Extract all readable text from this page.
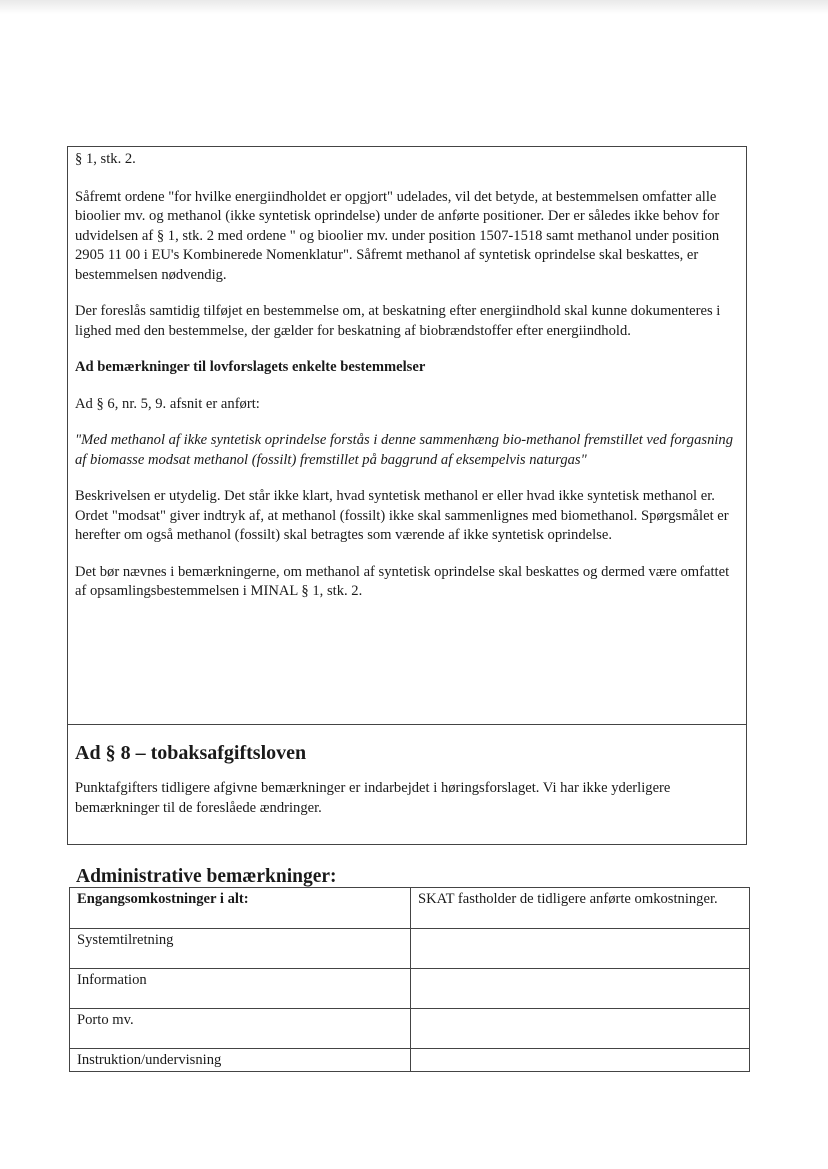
§ 1, stk. 2.

Såfremt ordene "for hvilke energiindholdet er opgjort" udelades, vil det betyde, at bestemmelsen omfatter alle bioolier mv. og methanol (ikke syntetisk oprindelse) under de anførte positioner. Der er således ikke behov for udvidelsen af § 1, stk. 2 med ordene " og bioolier mv. under position 1507-1518 samt methanol under position 2905 11 00 i EU's Kombinerede Nomenklatur". Såfremt methanol af syntetisk oprindelse skal beskattes, er bestemmelsen nødvendig.

Der foreslås samtidig tilføjet en bestemmelse om, at beskatning efter energiindhold skal kunne dokumenteres i lighed med den bestemmelse, der gælder for beskatning af biobrændstoffer efter energiindhold.

Ad bemærkninger til lovforslagets enkelte bestemmelser

Ad § 6, nr. 5, 9. afsnit er anført:

"Med methanol af ikke syntetisk oprindelse forstås i denne sammenhæng bio-methanol fremstillet ved forgasning af biomasse modsat methanol (fossilt) fremstillet på baggrund af eksempelvis naturgas"

Beskrivelsen er utydelig. Det står ikke klart, hvad syntetisk methanol er eller hvad ikke syntetisk methanol er. Ordet "modsat" giver indtryk af, at methanol (fossilt) ikke skal sammenlignes med biomethanol. Spørgsmålet er herefter om også methanol (fossilt) skal betragtes som værende af ikke syntetisk oprindelse.

Det bør nævnes i bemærkningerne, om methanol af syntetisk oprindelse skal beskattes og dermed være omfattet af opsamlingsbestemmelsen i MINAL § 1, stk. 2.

Ad § 8 – tobaksafgiftsloven

Punktafgifters tidligere afgivne bemærkninger er indarbejdet i høringsforslaget. Vi har ikke yderligere bemærkninger til de foreslåede ændringer.

Administrative bemærkninger:
Engangsomkostninger i alt:	SKAT fastholder de tidligere anførte omkostninger.
Systemtilretning	
Information	
Porto mv.	
Instruktion/undervisning	
